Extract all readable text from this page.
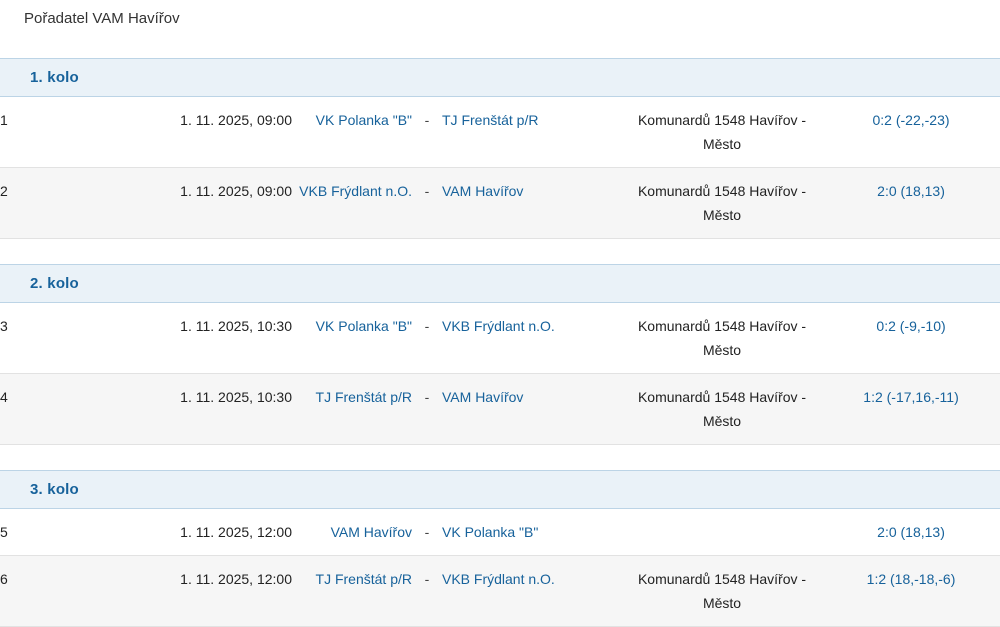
Pořadatel VAM Havířov
1. kolo						
1	1. 11. 2025, 09:00	VK Polanka "B"	-	TJ Frenštát p/R	Komunardů 1548 Havířov - Město	0:2 (-22,-23)
2	1. 11. 2025, 09:00	VKB Frýdlant n.O.	-	VAM Havířov	Komunardů 1548 Havířov - Město	2:0 (18,13)

2. kolo						
3	1. 11. 2025, 10:30	VK Polanka "B"	-	VKB Frýdlant n.O.	Komunardů 1548 Havířov - Město	0:2 (-9,-10)
4	1. 11. 2025, 10:30	TJ Frenštát p/R	-	VAM Havířov	Komunardů 1548 Havířov - Město	1:2 (-17,16,-11)

3. kolo						
5	1. 11. 2025, 12:00	VAM Havířov	-	VK Polanka "B"		2:0 (18,13)
6	1. 11. 2025, 12:00	TJ Frenštát p/R	-	VKB Frýdlant n.O.	Komunardů 1548 Havířov - Město	1:2 (18,-18,-6)
